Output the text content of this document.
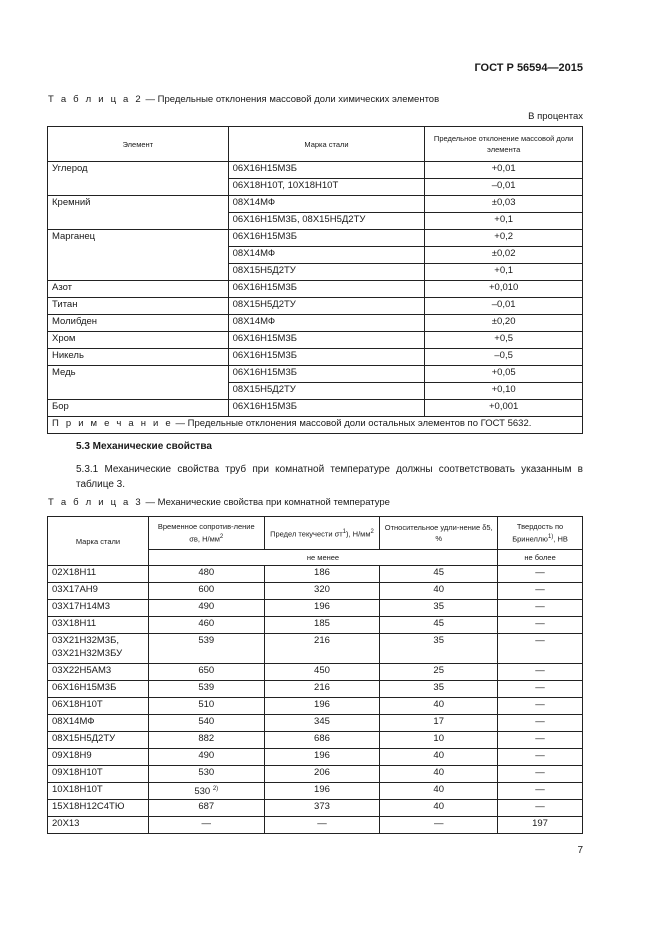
ГОСТ Р 56594—2015
Т а б л и ц а 2 — Предельные отклонения массовой доли химических элементов
В процентах
Элемент	Марка стали	Предельное отклонение массовой доли элемента
Углерод	06Х16Н15М3Б	+0,01
	06Х18Н10Т, 10Х18Н10Т	–0,01
Кремний	08Х14МФ	±0,03
	06Х16Н15М3Б, 08Х15Н5Д2ТУ	+0,1
Марганец	06Х16Н15М3Б	+0,2
	08Х14МФ	±0,02
	08Х15Н5Д2ТУ	+0,1
Азот	06Х16Н15М3Б	+0,010
Титан	08Х15Н5Д2ТУ	–0,01
Молибден	08Х14МФ	±0,20
Хром	06Х16Н15М3Б	+0,5
Никель	06Х16Н15М3Б	–0,5
Медь	06Х16Н15М3Б	+0,05
	08Х15Н5Д2ТУ	+0,10
Бор	06Х16Н15М3Б	+0,001
П р и м е ч а н и е — Предельные отклонения массовой доли остальных элементов по ГОСТ 5632.		
5.3 Механические свойства
5.3.1 Механические свойства труб при комнатной температуре должны соответствовать указанным в таблице 3.
Т а б л и ц а 3 — Механические свойства при комнатной температуре
Марка стали	Временное сопротив-ление σв, $Н/мм^2$	Предел текучести $\sigma т^1$), $Н/мм^2$	Относительное удли-нение δ5, %	Твердость по Бринеллю$^{1)}$, НВ
	не менее			не более
02Х18Н11	480	186	45	—
03Х17АН9	600	320	40	—
03Х17Н14М3	490	196	35	—
03Х18Н11	460	185	45	—
03Х21Н32М3Б, 03Х21Н32М3БУ	539	216	35	—
03Х22Н5АМ3	650	450	25	—
06Х16Н15М3Б	539	216	35	—
06Х18Н10Т	510	196	40	—
08Х14МФ	540	345	17	—
08Х15Н5Д2ТУ	882	686	10	—
09Х18Н9	490	196	40	—
09Х18Н10Т	530	206	40	—
10Х18Н10Т	530 $^{2)}$	196	40	—
15Х18Н12С4ТЮ	687	373	40	—
20Х13	—	—	—	197
7
